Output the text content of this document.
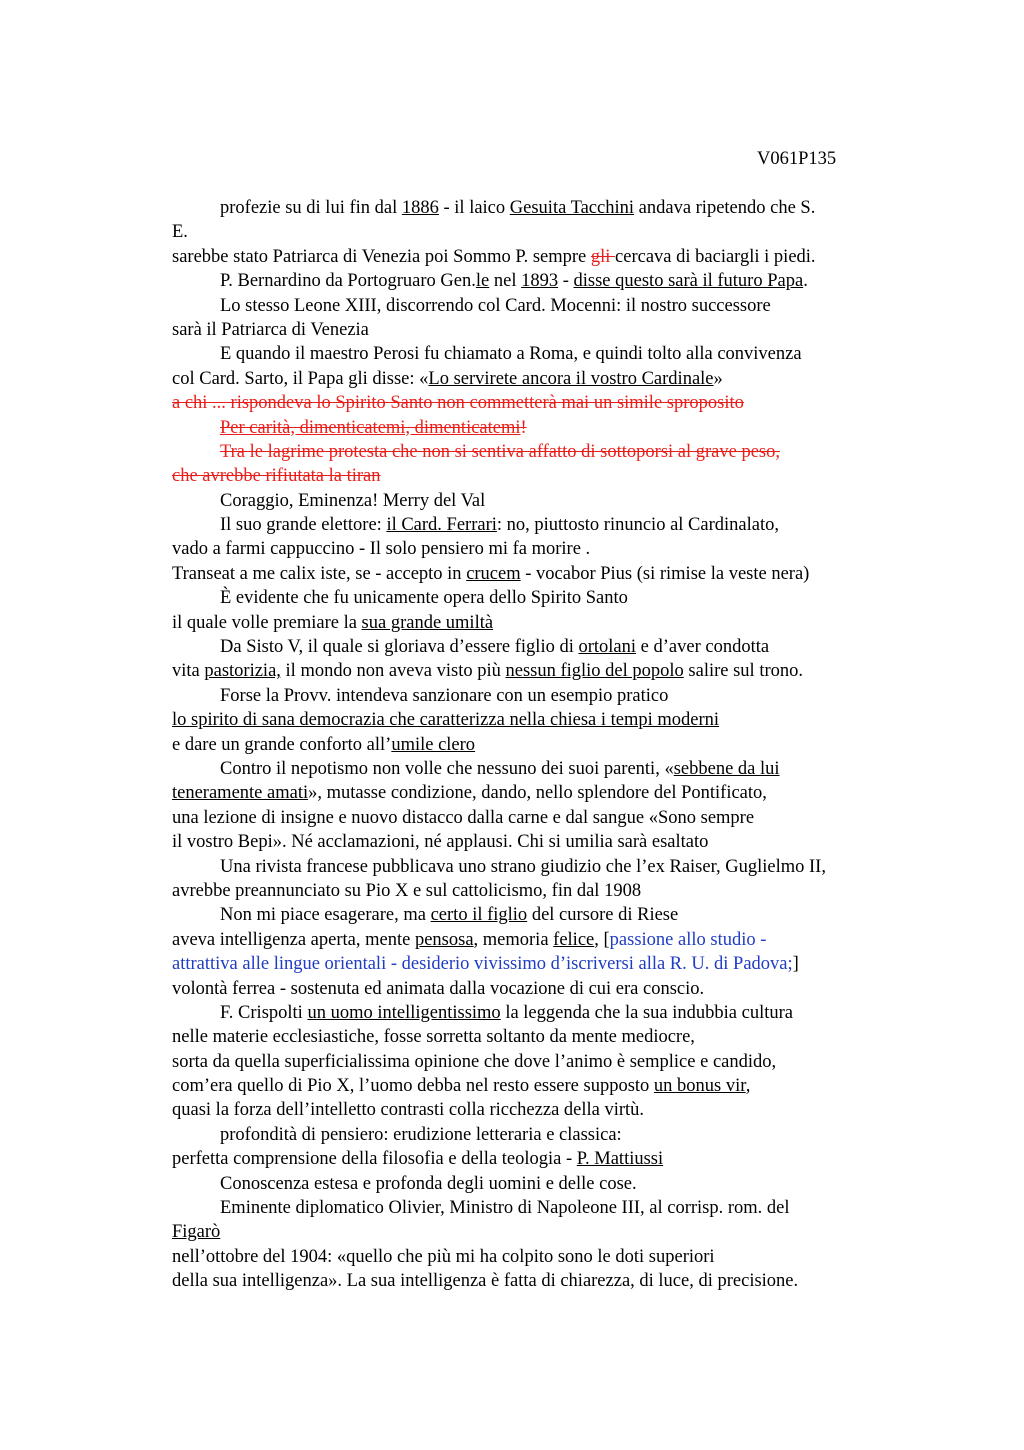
V061P135

profezie su di lui fin dal 1886 - il laico Gesuita Tacchini andava ripetendo che S.

E.

sarebbe stato Patriarca di Venezia poi Sommo P. sempre gli cercava di baciargli i piedi.

P. Bernardino da Portogruaro Gen.le nel 1893 - disse questo sarà il futuro Papa.

Lo stesso Leone XIII, discorrendo col Card. Mocenni: il nostro successore

sarà il Patriarca di Venezia

E quando il maestro Perosi fu chiamato a Roma, e quindi tolto alla convivenza

col Card. Sarto, il Papa gli disse: «Lo servirete ancora il vostro Cardinale»

a chi ... rispondeva lo Spirito Santo non commetterà mai un simile sproposito

Per carità, dimenticatemi, dimenticatemi!

Tra le lagrime protesta che non si sentiva affatto di sottoporsi al grave peso,

che avrebbe rifiutata la tiran

Coraggio, Eminenza! Merry del Val

Il suo grande elettore: il Card. Ferrari: no, piuttosto rinuncio al Cardinalato,

vado a farmi cappuccino - Il solo pensiero mi fa morire .

Transeat a me calix iste, se - accepto in crucem - vocabor Pius (si rimise la veste nera)

È evidente che fu unicamente opera dello Spirito Santo

il quale volle premiare la sua grande umiltà

Da Sisto V, il quale si gloriava d’essere figlio di ortolani e d’aver condotta

vita pastorizia, il mondo non aveva visto più nessun figlio del popolo salire sul trono.

Forse la Provv. intendeva sanzionare con un esempio pratico

lo spirito di sana democrazia che caratterizza nella chiesa i tempi moderni

e dare un grande conforto all’umile clero

Contro il nepotismo non volle che nessuno dei suoi parenti, «sebbene da lui

teneramente amati», mutasse condizione, dando, nello splendore del Pontificato,

una lezione di insigne e nuovo distacco dalla carne e dal sangue «Sono sempre

il vostro Bepi». Né acclamazioni, né applausi. Chi si umilia sarà esaltato

Una rivista francese pubblicava uno strano giudizio che l’ex Raiser, Guglielmo II,

avrebbe preannunciato su Pio X e sul cattolicismo, fin dal 1908

Non mi piace esagerare, ma certo il figlio del cursore di Riese

aveva intelligenza aperta, mente pensosa, memoria felice, [passione allo studio -

attrattiva alle lingue orientali - desiderio vivissimo d’iscriversi alla R. U. di Padova;]

volontà ferrea - sostenuta ed animata dalla vocazione di cui era conscio.

F. Crispolti un uomo intelligentissimo la leggenda che la sua indubbia cultura

nelle materie ecclesiastiche, fosse sorretta soltanto da mente mediocre,

sorta da quella superficialissima opinione che dove l’animo è semplice e candido,

com’era quello di Pio X, l’uomo debba nel resto essere supposto un bonus vir,

quasi la forza dell’intelletto contrasti colla ricchezza della virtù.

profondità di pensiero: erudizione letteraria e classica:

perfetta comprensione della filosofia e della teologia - P. Mattiussi

Conoscenza estesa e profonda degli uomini e delle cose.

Eminente diplomatico Olivier, Ministro di Napoleone III, al corrisp. rom. del

Figarò

nell’ottobre del 1904: «quello che più mi ha colpito sono le doti superiori

della sua intelligenza». La sua intelligenza è fatta di chiarezza, di luce, di precisione.
